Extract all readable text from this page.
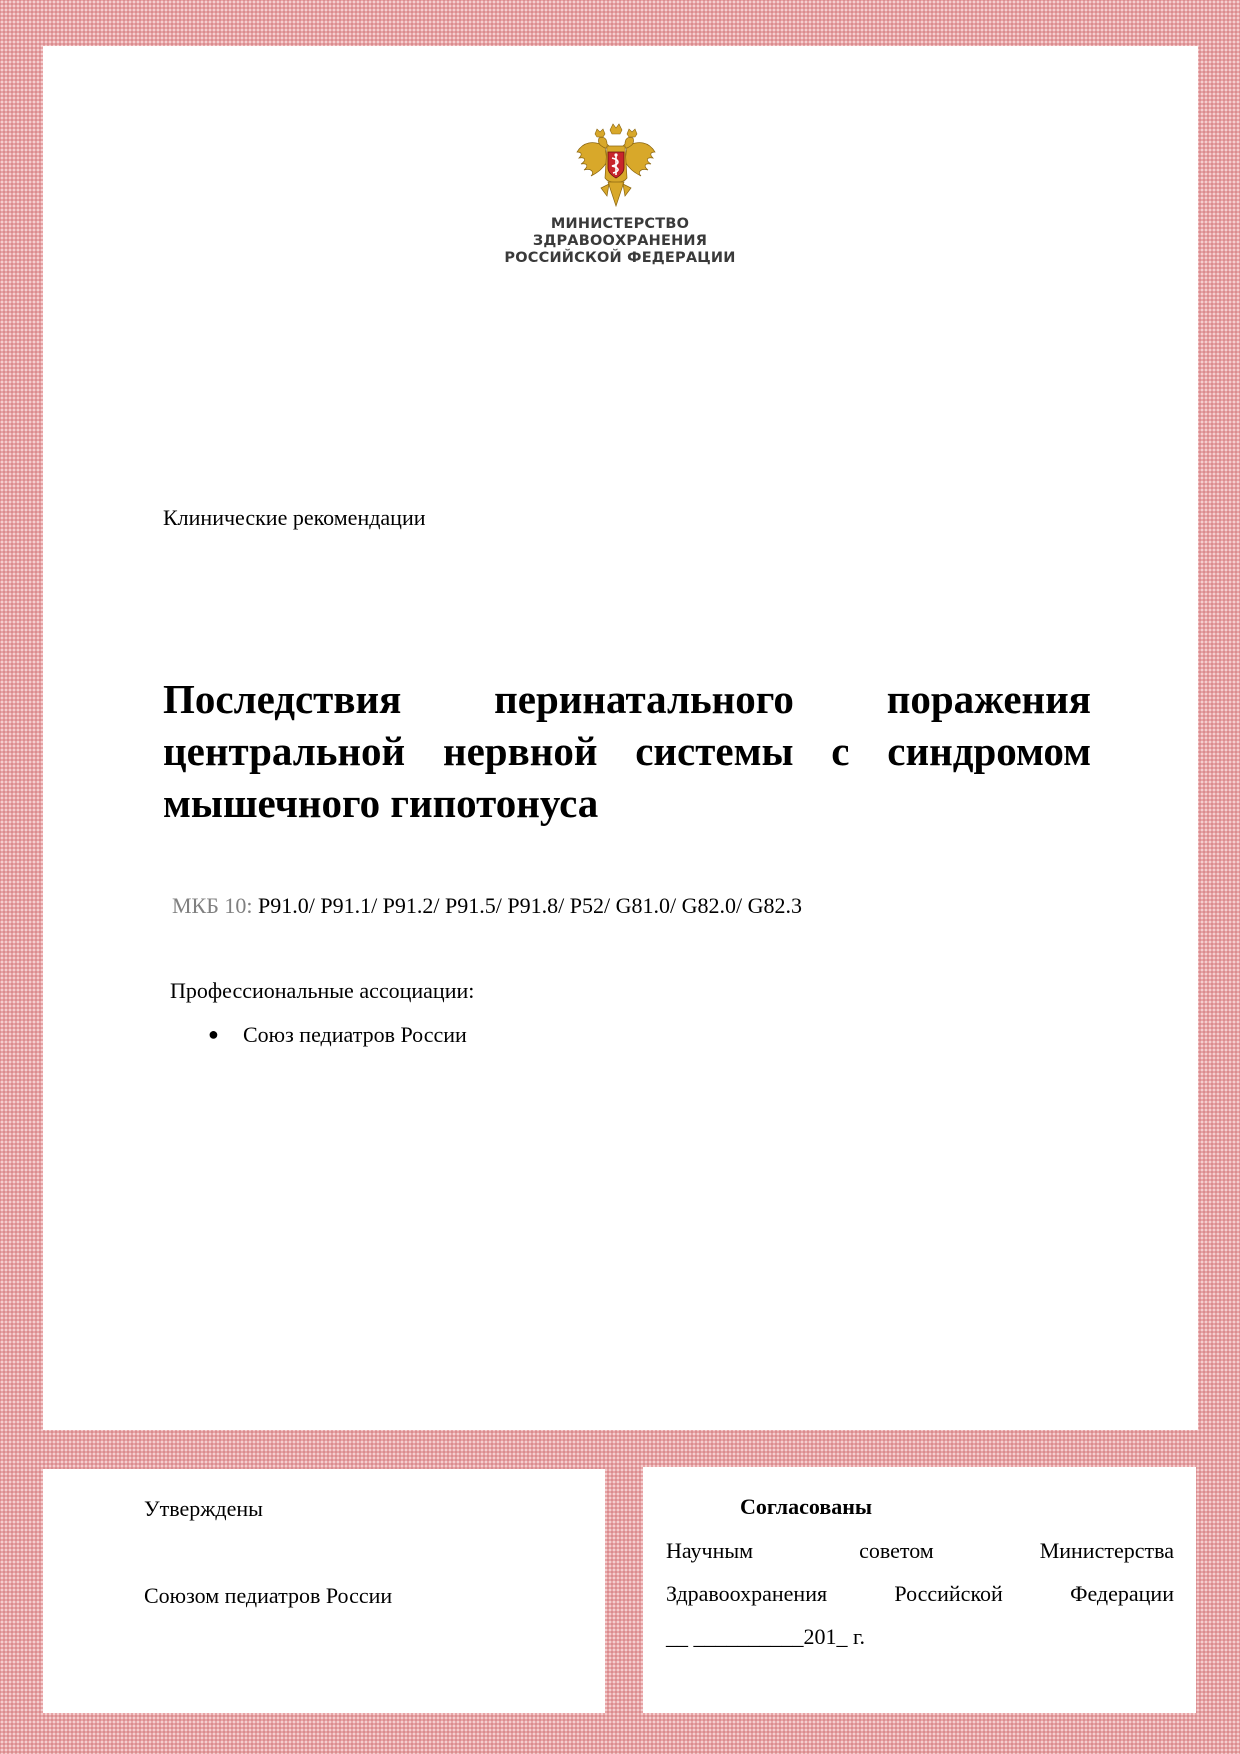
МИНИСТЕРСТВО
ЗДРАВООХРАНЕНИЯ
РОССИЙСКОЙ ФЕДЕРАЦИИ
Клинические рекомендации
Последствия перинатального поражения центральной нервной системы с синдромом мышечного гипотонуса
МКБ 10: Р91.0/ Р91.1/ Р91.2/ Р91.5/ Р91.8/ Р52/ G81.0/ G82.0/ G82.3
Профессиональные ассоциации:
● Союз педиатров России
Утверждены
Союзом педиатров России
Согласованы
Научным	советом	Министерства
Здравоохранения	Российской	Федерации
__ __________201_ г.
